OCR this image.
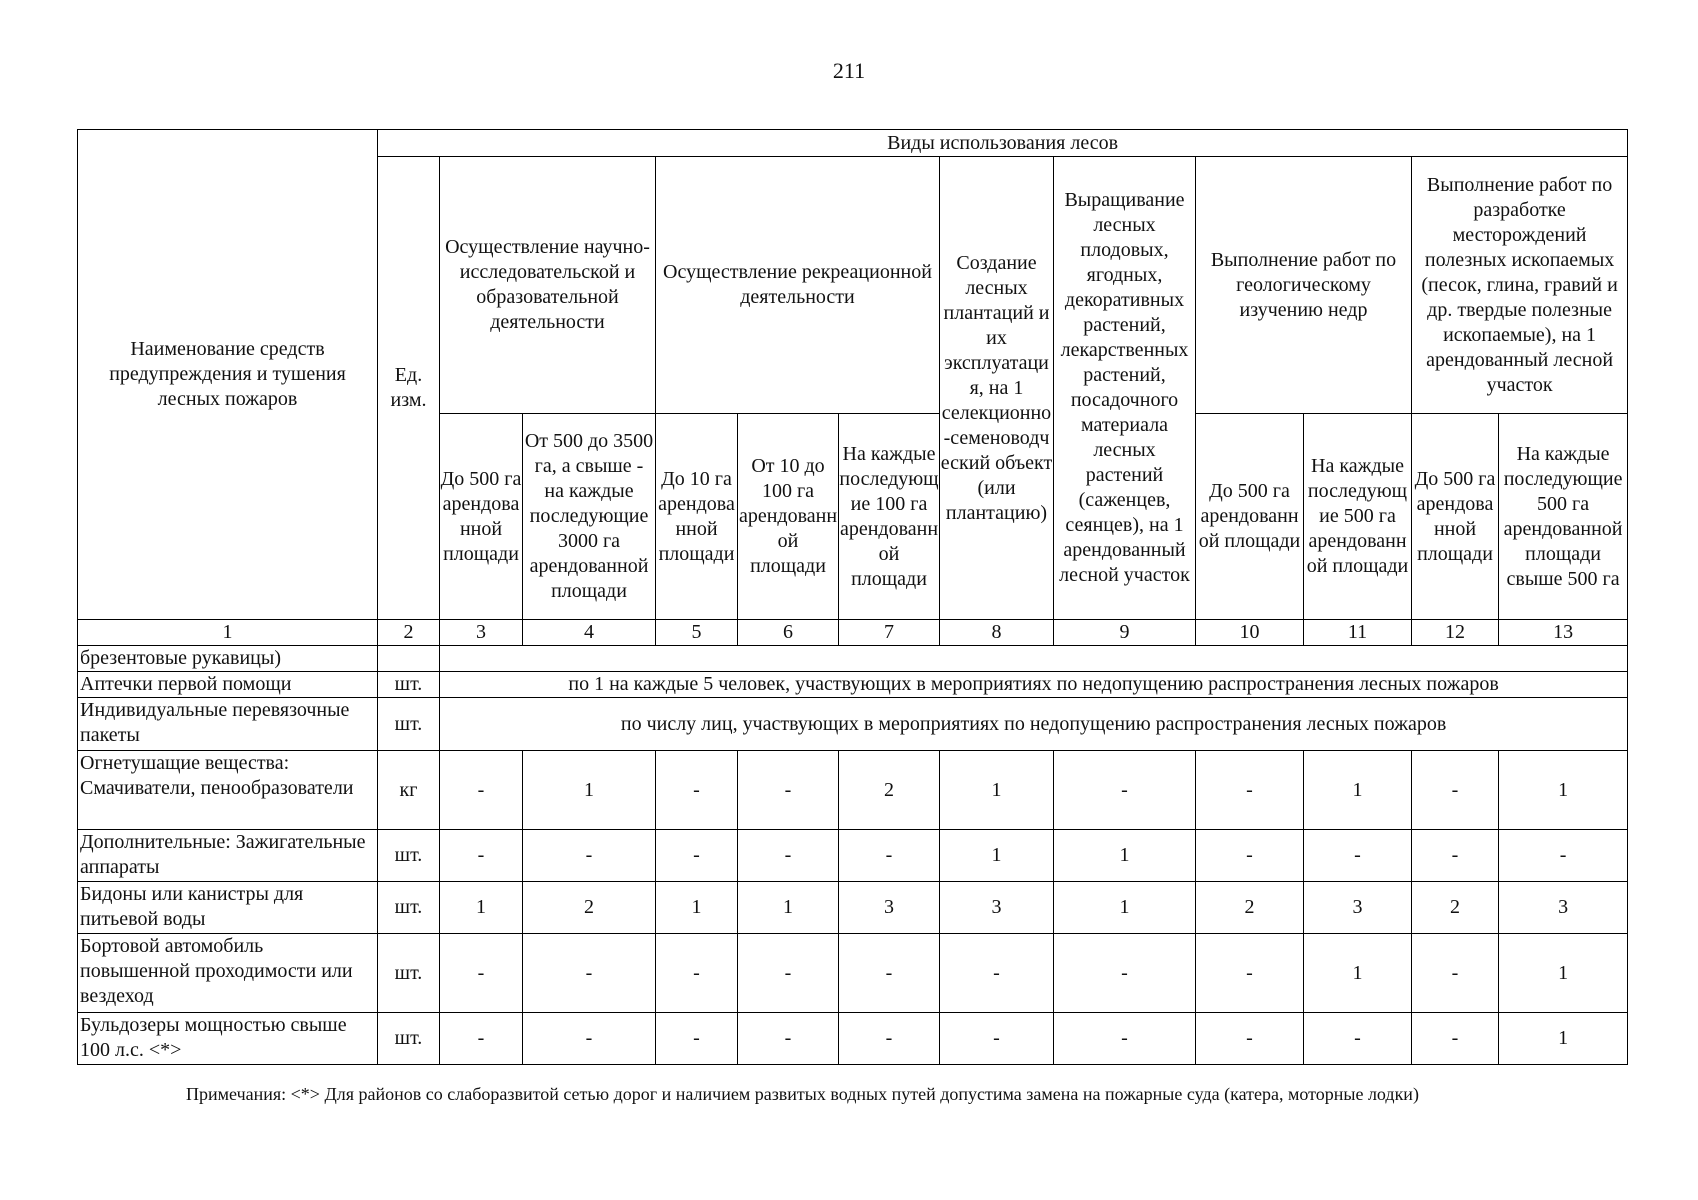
211
Наименование средств предупреждения и тушения лесных пожаров	Виды использования лесов											
	Ед. изм.	Осуществление научно-исследовательской и образовательной деятельности		Осуществление рекреационной деятельности			Создание лесных плантаций и их эксплуатация, на 1 селекционно-семеноводческий объект (или плантацию)	Выращивание лесных плодовых, ягодных, декоративных растений, лекарственных растений, посадочного материала лесных растений (саженцев, сеянцев), на 1 арендованный лесной участок	Выполнение работ по геологическому изучению недр		Выполнение работ по разработке месторождений полезных ископаемых (песок, глина, гравий и др. твердые полезные ископаемые), на 1 арендованный лесной участок	
		До 500 га арендованной площади	От 500 до 3500 га, а свыше - на каждые последующие 3000 га арендованной площади	До 10 га арендованной площади	От 10 до 100 га арендованной площади	На каждые последующие 100 га арендованной площади			До 500 га арендованной площади	На каждые последующие 500 га арендованной площади	До 500 га арендованной площади	На каждые последующие 500 га арендованной площади свыше 500 га
1	2	3	4	5	6	7	8	9	10	11	12	13
брезентовые рукавицы)												
Аптечки первой помощи	шт.	по 1 на каждые 5 человек, участвующих в мероприятиях по недопущению распространения лесных пожаров										
Индивидуальные перевязочные пакеты	шт.	по числу лиц, участвующих в мероприятиях по недопущению распространения лесных пожаров										
Огнетушащие вещества: Смачиватели, пенообразователи	кг	-	1	-	-	2	1	-	-	1	-	1
Дополнительные: Зажигательные аппараты	шт.	-	-	-	-	-	1	1	-	-	-	-
Бидоны или канистры для питьевой воды	шт.	1	2	1	1	3	3	1	2	3	2	3
Бортовой автомобиль повышенной проходимости или вездеход	шт.	-	-	-	-	-	-	-	-	1	-	1
Бульдозеры мощностью свыше 100 л.с. <*>	шт.	-	-	-	-	-	-	-	-	-	-	1
Примечания: <*> Для районов со слаборазвитой сетью дорог и наличием развитых водных путей допустима замена на пожарные суда (катера, моторные лодки)
